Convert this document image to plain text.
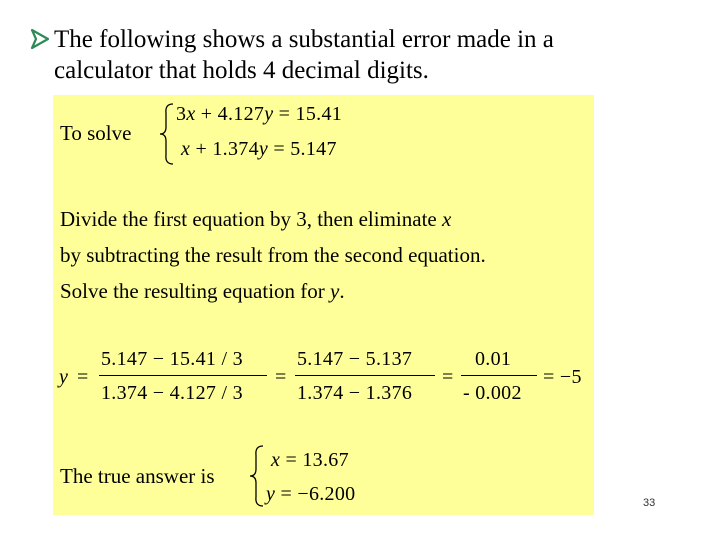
The following shows a substantial error made in a
calculator that holds 4 decimal digits.
To solve
3x + 4.127y = 15.41
x + 1.374y = 5.147
Divide the first equation by 3, then eliminate x
by subtracting the result from the second equation.
Solve the resulting equation for y.
y =
5.147 − 15.41 / 3
1.374 − 4.127 / 3
=
5.147 − 5.137
1.374 − 1.376
=
0.01
- 0.002
= −5
The true answer is
x = 13.67
y = −6.200	33
